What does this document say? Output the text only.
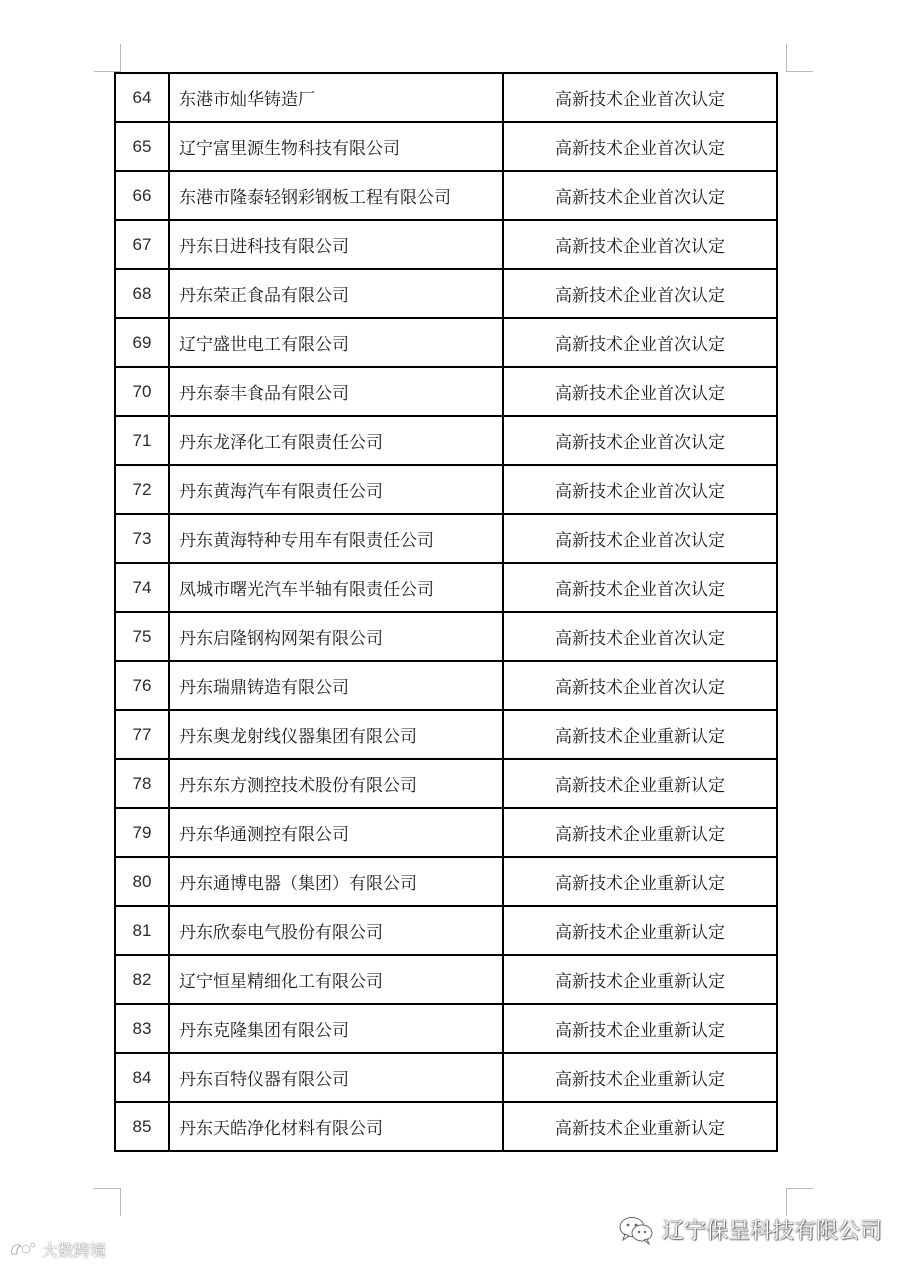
64	东港市灿华铸造厂	高新技术企业首次认定
65	辽宁富里源生物科技有限公司	高新技术企业首次认定
66	东港市隆泰轻钢彩钢板工程有限公司	高新技术企业首次认定
67	丹东日进科技有限公司	高新技术企业首次认定
68	丹东荣正食品有限公司	高新技术企业首次认定
69	辽宁盛世电工有限公司	高新技术企业首次认定
70	丹东泰丰食品有限公司	高新技术企业首次认定
71	丹东龙泽化工有限责任公司	高新技术企业首次认定
72	丹东黄海汽车有限责任公司	高新技术企业首次认定
73	丹东黄海特种专用车有限责任公司	高新技术企业首次认定
74	凤城市曙光汽车半轴有限责任公司	高新技术企业首次认定
75	丹东启隆钢构网架有限公司	高新技术企业首次认定
76	丹东瑞鼎铸造有限公司	高新技术企业首次认定
77	丹东奥龙射线仪器集团有限公司	高新技术企业重新认定
78	丹东东方测控技术股份有限公司	高新技术企业重新认定
79	丹东华通测控有限公司	高新技术企业重新认定
80	丹东通博电器（集团）有限公司	高新技术企业重新认定
81	丹东欣泰电气股份有限公司	高新技术企业重新认定
82	辽宁恒星精细化工有限公司	高新技术企业重新认定
83	丹东克隆集团有限公司	高新技术企业重新认定
84	丹东百特仪器有限公司	高新技术企业重新认定
85	丹东天皓净化材料有限公司	高新技术企业重新认定
大数跨境
辽宁保呈科技有限公司
